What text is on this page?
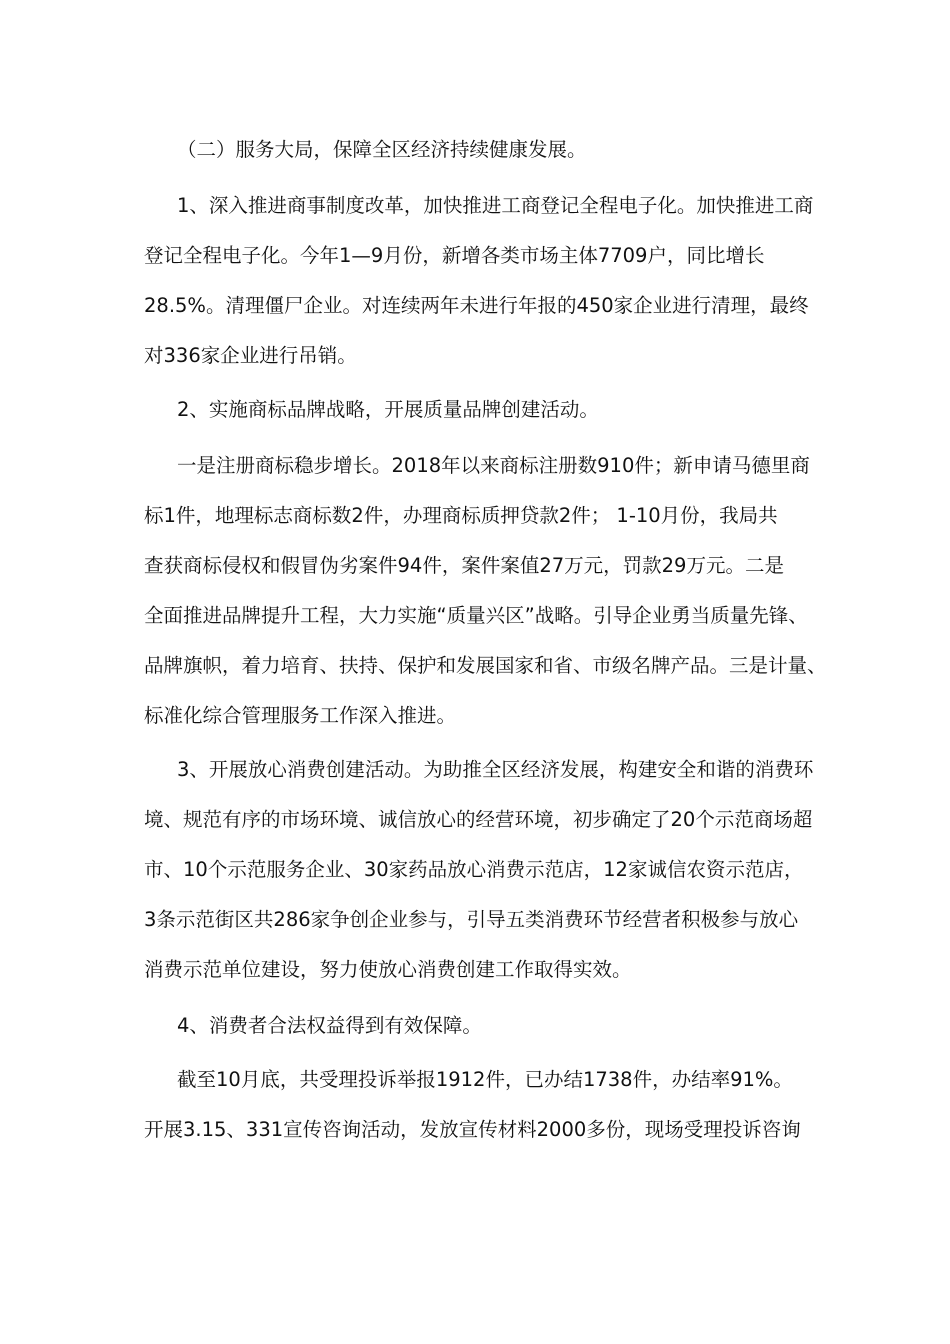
（二）服务大局，保障全区经济持续健康发展。
1、深入推进商事制度改革，加快推进工商登记全程电子化。加快推进工商
登记全程电子化。今年1—9月份，新增各类市场主体7709户，同比增长
28.5%。清理僵尸企业。对连续两年未进行年报的450家企业进行清理，最终
对336家企业进行吊销。
2、实施商标品牌战略，开展质量品牌创建活动。
一是注册商标稳步增长。2018年以来商标注册数910件；新申请马德里商
标1件，地理标志商标数2件，办理商标质押贷款2件； 1-10月份，我局共
查获商标侵权和假冒伪劣案件94件，案件案值27万元，罚款29万元。二是
全面推进品牌提升工程，大力实施“质量兴区”战略。引导企业勇当质量先锋、
品牌旗帜，着力培育、扶持、保护和发展国家和省、市级名牌产品。三是计量、
标准化综合管理服务工作深入推进。
3、开展放心消费创建活动。为助推全区经济发展，构建安全和谐的消费环
境、规范有序的市场环境、诚信放心的经营环境，初步确定了20个示范商场超
市、10个示范服务企业、30家药品放心消费示范店，12家诚信农资示范店，
3条示范街区共286家争创企业参与，引导五类消费环节经营者积极参与放心
消费示范单位建设，努力使放心消费创建工作取得实效。
4、消费者合法权益得到有效保障。
截至10月底，共受理投诉举报1912件，已办结1738件，办结率91%。
开展3.15、331宣传咨询活动，发放宣传材料2000多份，现场受理投诉咨询
